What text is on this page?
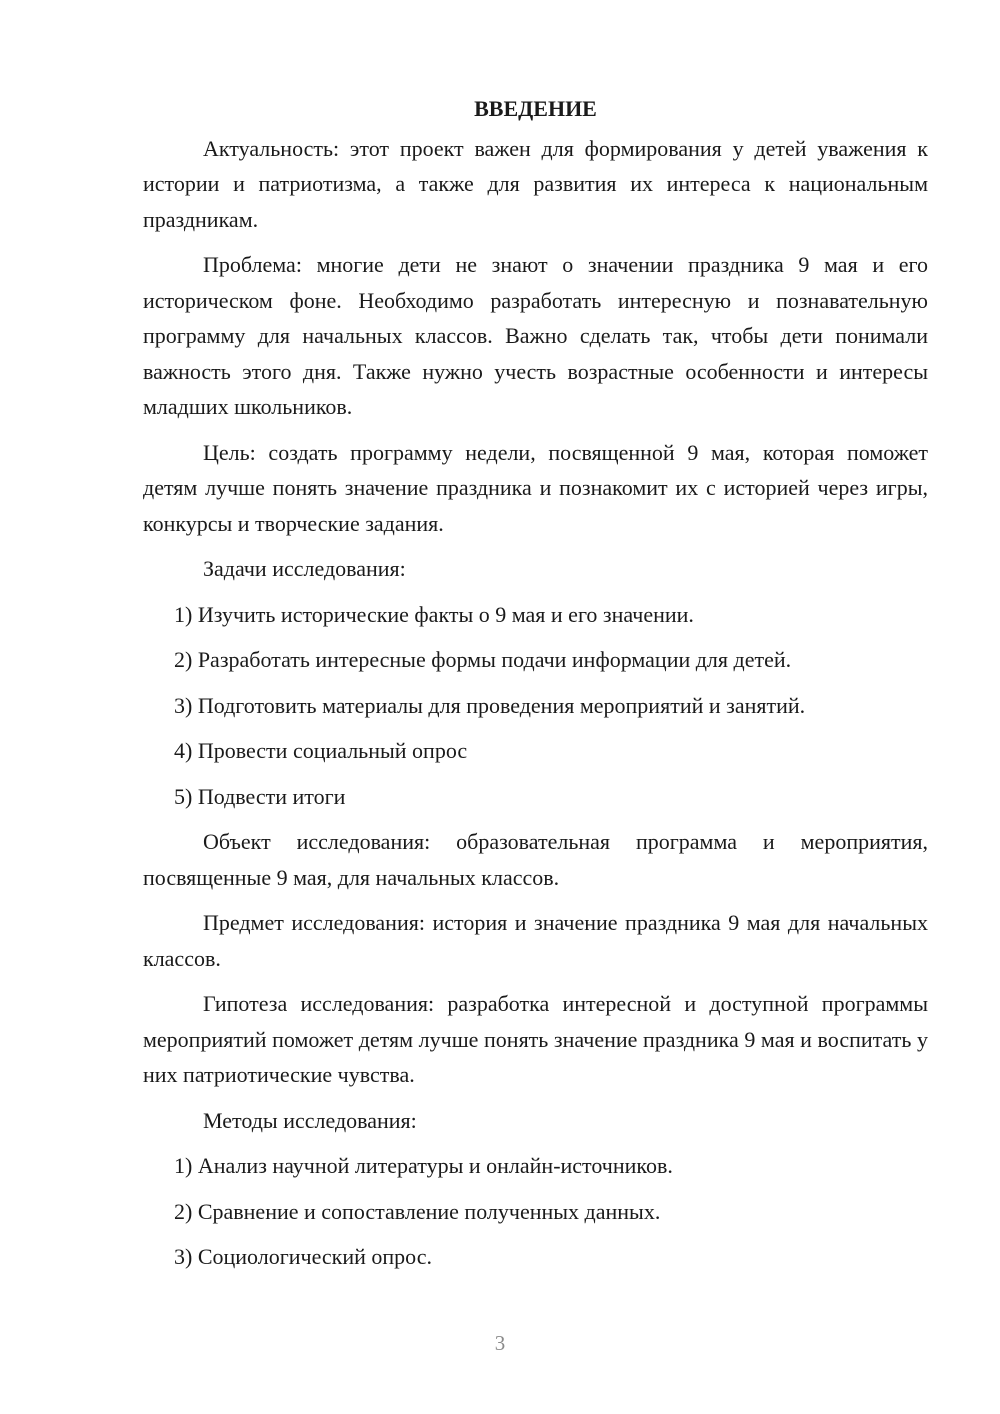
ВВЕДЕНИЕ

Актуальность: этот проект важен для формирования у детей уважения к истории и патриотизма, а также для развития их интереса к национальным праздникам.

Проблема: многие дети не знают о значении праздника 9 мая и его историческом фоне. Необходимо разработать интересную и познавательную программу для начальных классов. Важно сделать так, чтобы дети понимали важность этого дня. Также нужно учесть возрастные особенности и интересы младших школьников.

Цель: создать программу недели, посвященной 9 мая, которая поможет детям лучше понять значение праздника и познакомит их с историей через игры, конкурсы и творческие задания.

Задачи исследования:

1) Изучить исторические факты о 9 мая и его значении.
2) Разработать интересные формы подачи информации для детей.
3) Подготовить материалы для проведения мероприятий и занятий.
4) Провести социальный опрос
5) Подвести итоги

Объект исследования: образовательная программа и мероприятия, посвященные 9 мая, для начальных классов.

Предмет исследования: история и значение праздника 9 мая для начальных классов.

Гипотеза исследования: разработка интересной и доступной программы мероприятий поможет детям лучше понять значение праздника 9 мая и воспитать у них патриотические чувства.

Методы исследования:

1) Анализ научной литературы и онлайн-источников.
2) Сравнение и сопоставление полученных данных.
3) Социологический опрос.
3
